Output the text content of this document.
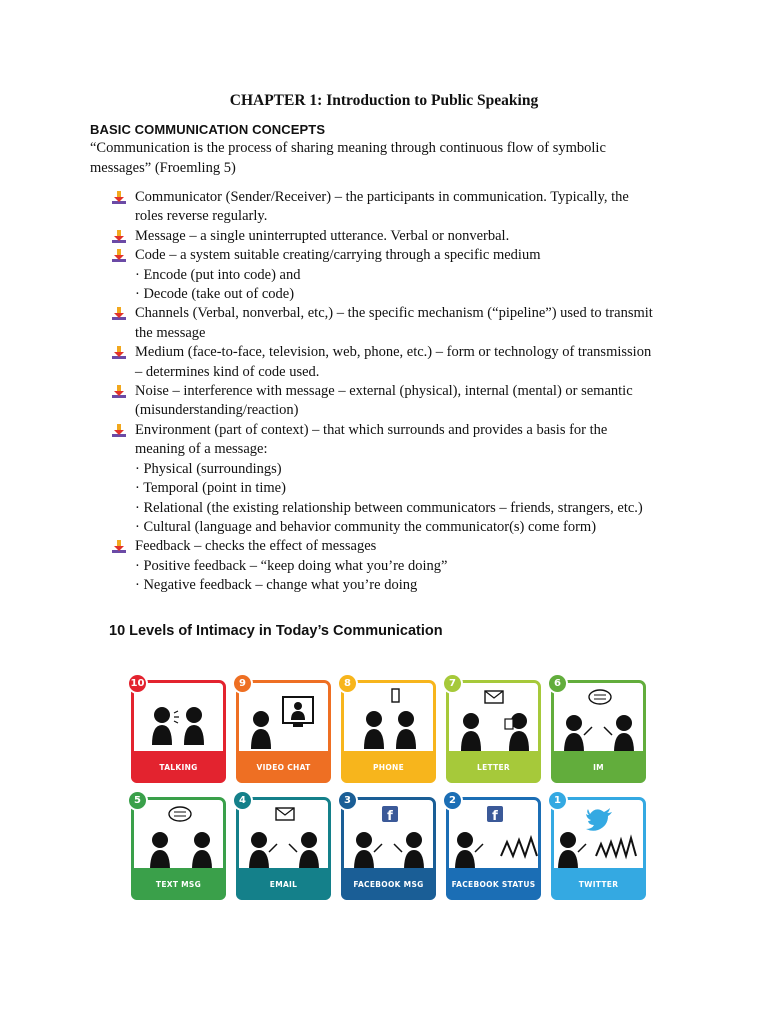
CHAPTER 1: Introduction to Public Speaking
BASIC COMMUNICATION CONCEPTS
“Communication is the process of sharing meaning through continuous flow of symbolic
messages” (Froemling 5)
Communicator (Sender/Receiver) – the participants in communication. Typically, the
roles reverse regularly.
Message – a single uninterrupted utterance. Verbal or nonverbal.
Code – a system suitable creating/carrying through a specific medium
· Encode (put into code) and
· Decode (take out of code)
Channels (Verbal, nonverbal, etc,) – the specific mechanism (“pipeline”) used to transmit
the message
Medium (face-to-face, television, web, phone, etc.) – form or technology of transmission
– determines kind of code used.
Noise – interference with message – external (physical), internal (mental) or semantic
(misunderstanding/reaction)
Environment (part of context) – that which surrounds and provides a basis for the
meaning of a message:
· Physical (surroundings)
· Temporal (point in time)
· Relational (the existing relationship between communicators – friends, strangers, etc.)
· Cultural (language and behavior community the communicator(s) come form)
Feedback – checks the effect of messages
· Positive feedback – “keep doing what you’re doing”
· Negative feedback – change what you’re doing
10 Levels of Intimacy in Today’s Communication
TALKING
10
VIDEO CHAT
9
PHONE
8
LETTER
7
IM
6
TEXT MSG
5
EMAIL
4
f
FACEBOOK MSG
3
f
FACEBOOK STATUS
2
TWITTER
1
